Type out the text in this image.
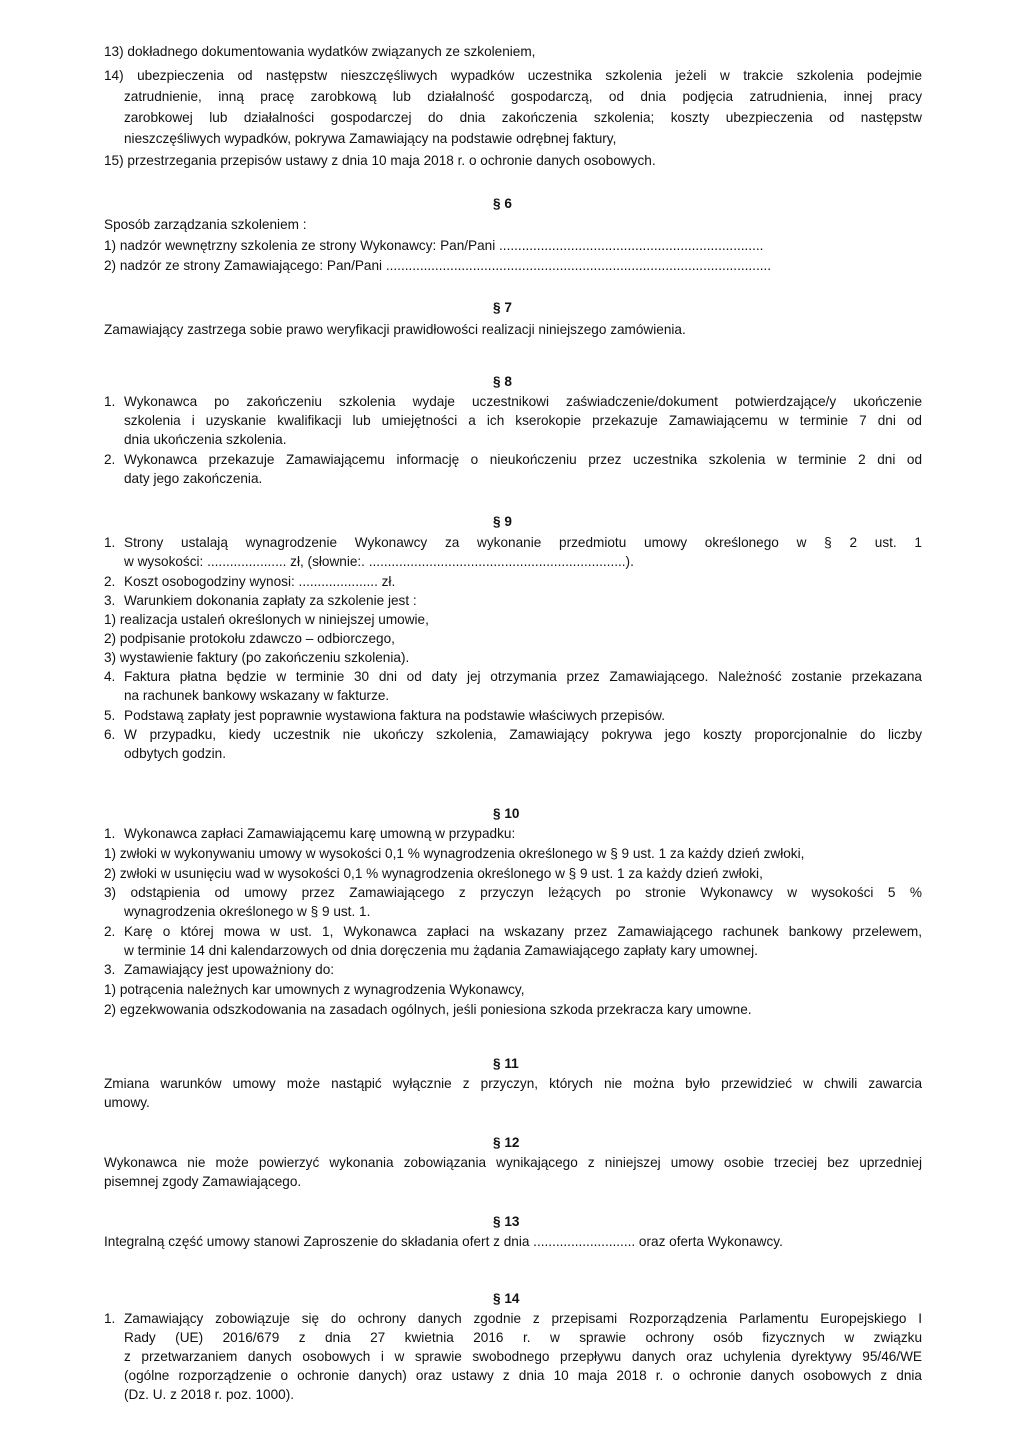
13) dokładnego dokumentowania wydatków związanych ze szkoleniem,
14) ubezpieczenia od następstw nieszczęśliwych wypadków uczestnika szkolenia jeżeli w trakcie szkolenia podejmie
zatrudnienie, inną pracę zarobkową lub działalność gospodarczą, od dnia podjęcia zatrudnienia, innej pracy
zarobkowej lub działalności gospodarczej do dnia zakończenia szkolenia; koszty ubezpieczenia od następstw
nieszczęśliwych wypadków, pokrywa Zamawiający na podstawie odrębnej faktury,
15) przestrzegania przepisów ustawy z dnia 10 maja 2018 r. o ochronie danych osobowych.
§ 6
Sposób zarządzania szkoleniem :
1) nadzór wewnętrzny szkolenia ze strony Wykonawcy: Pan/Pani ......................................................................
2) nadzór ze strony Zamawiającego: Pan/Pani ......................................................................................................
§ 7
Zamawiający zastrzega sobie prawo weryfikacji prawidłowości realizacji niniejszego zamówienia.
§ 8
1. Wykonawca po zakończeniu szkolenia wydaje uczestnikowi zaświadczenie/dokument potwierdzające/y ukończenie
szkolenia i uzyskanie kwalifikacji lub umiejętności a ich kserokopie przekazuje Zamawiającemu w terminie 7 dni od
dnia ukończenia szkolenia.
2. Wykonawca przekazuje Zamawiającemu informację o nieukończeniu przez uczestnika szkolenia w terminie 2 dni od
daty jego zakończenia.
§ 9
1. Strony ustalają wynagrodzenie Wykonawcy za wykonanie przedmiotu umowy określonego w § 2 ust. 1
w wysokości: ..................... zł, (słownie:. ....................................................................).
2. Koszt osobogodziny wynosi: ..................... zł.
3. Warunkiem dokonania zapłaty za szkolenie jest :
1) realizacja ustaleń określonych w niniejszej umowie,
2) podpisanie protokołu zdawczo – odbiorczego,
3) wystawienie faktury (po zakończeniu szkolenia).
4. Faktura płatna będzie w terminie 30 dni od daty jej otrzymania przez Zamawiającego. Należność zostanie przekazana
na rachunek bankowy wskazany w fakturze.
5. Podstawą zapłaty jest poprawnie wystawiona faktura na podstawie właściwych przepisów.
6. W przypadku, kiedy uczestnik nie ukończy szkolenia, Zamawiający pokrywa jego koszty proporcjonalnie do liczby
odbytych godzin.
§ 10
1. Wykonawca zapłaci Zamawiającemu karę umowną w przypadku:
1) zwłoki w wykonywaniu umowy w wysokości 0,1 % wynagrodzenia określonego w § 9 ust. 1 za każdy dzień zwłoki,
2) zwłoki w usunięciu wad w wysokości 0,1 % wynagrodzenia określonego w § 9 ust. 1 za każdy dzień zwłoki,
3) odstąpienia od umowy przez Zamawiającego z przyczyn leżących po stronie Wykonawcy w wysokości 5 %
wynagrodzenia określonego w § 9 ust. 1.
2. Karę o której mowa w ust. 1, Wykonawca zapłaci na wskazany przez Zamawiającego rachunek bankowy przelewem,
w terminie 14 dni kalendarzowych od dnia doręczenia mu żądania Zamawiającego zapłaty kary umownej.
3. Zamawiający jest upoważniony do:
1) potrącenia należnych kar umownych z wynagrodzenia Wykonawcy,
2) egzekwowania odszkodowania na zasadach ogólnych, jeśli poniesiona szkoda przekracza kary umowne.
§ 11
Zmiana warunków umowy może nastąpić wyłącznie z przyczyn, których nie można było przewidzieć w chwili zawarcia
umowy.
§ 12
Wykonawca nie może powierzyć wykonania zobowiązania wynikającego z niniejszej umowy osobie trzeciej bez uprzedniej
pisemnej zgody Zamawiającego.
§ 13
Integralną część umowy stanowi Zaproszenie do składania ofert z dnia ........................... oraz oferta Wykonawcy.
§ 14
1. Zamawiający zobowiązuje się do ochrony danych zgodnie z przepisami Rozporządzenia Parlamentu Europejskiego I
Rady (UE) 2016/679 z dnia 27 kwietnia 2016 r. w sprawie ochrony osób fizycznych w związku
z przetwarzaniem danych osobowych i w sprawie swobodnego przepływu danych oraz uchylenia dyrektywy 95/46/WE
(ogólne rozporządzenie o ochronie danych) oraz ustawy z dnia 10 maja 2018 r. o ochronie danych osobowych z dnia
(Dz. U. z 2018 r. poz. 1000).
